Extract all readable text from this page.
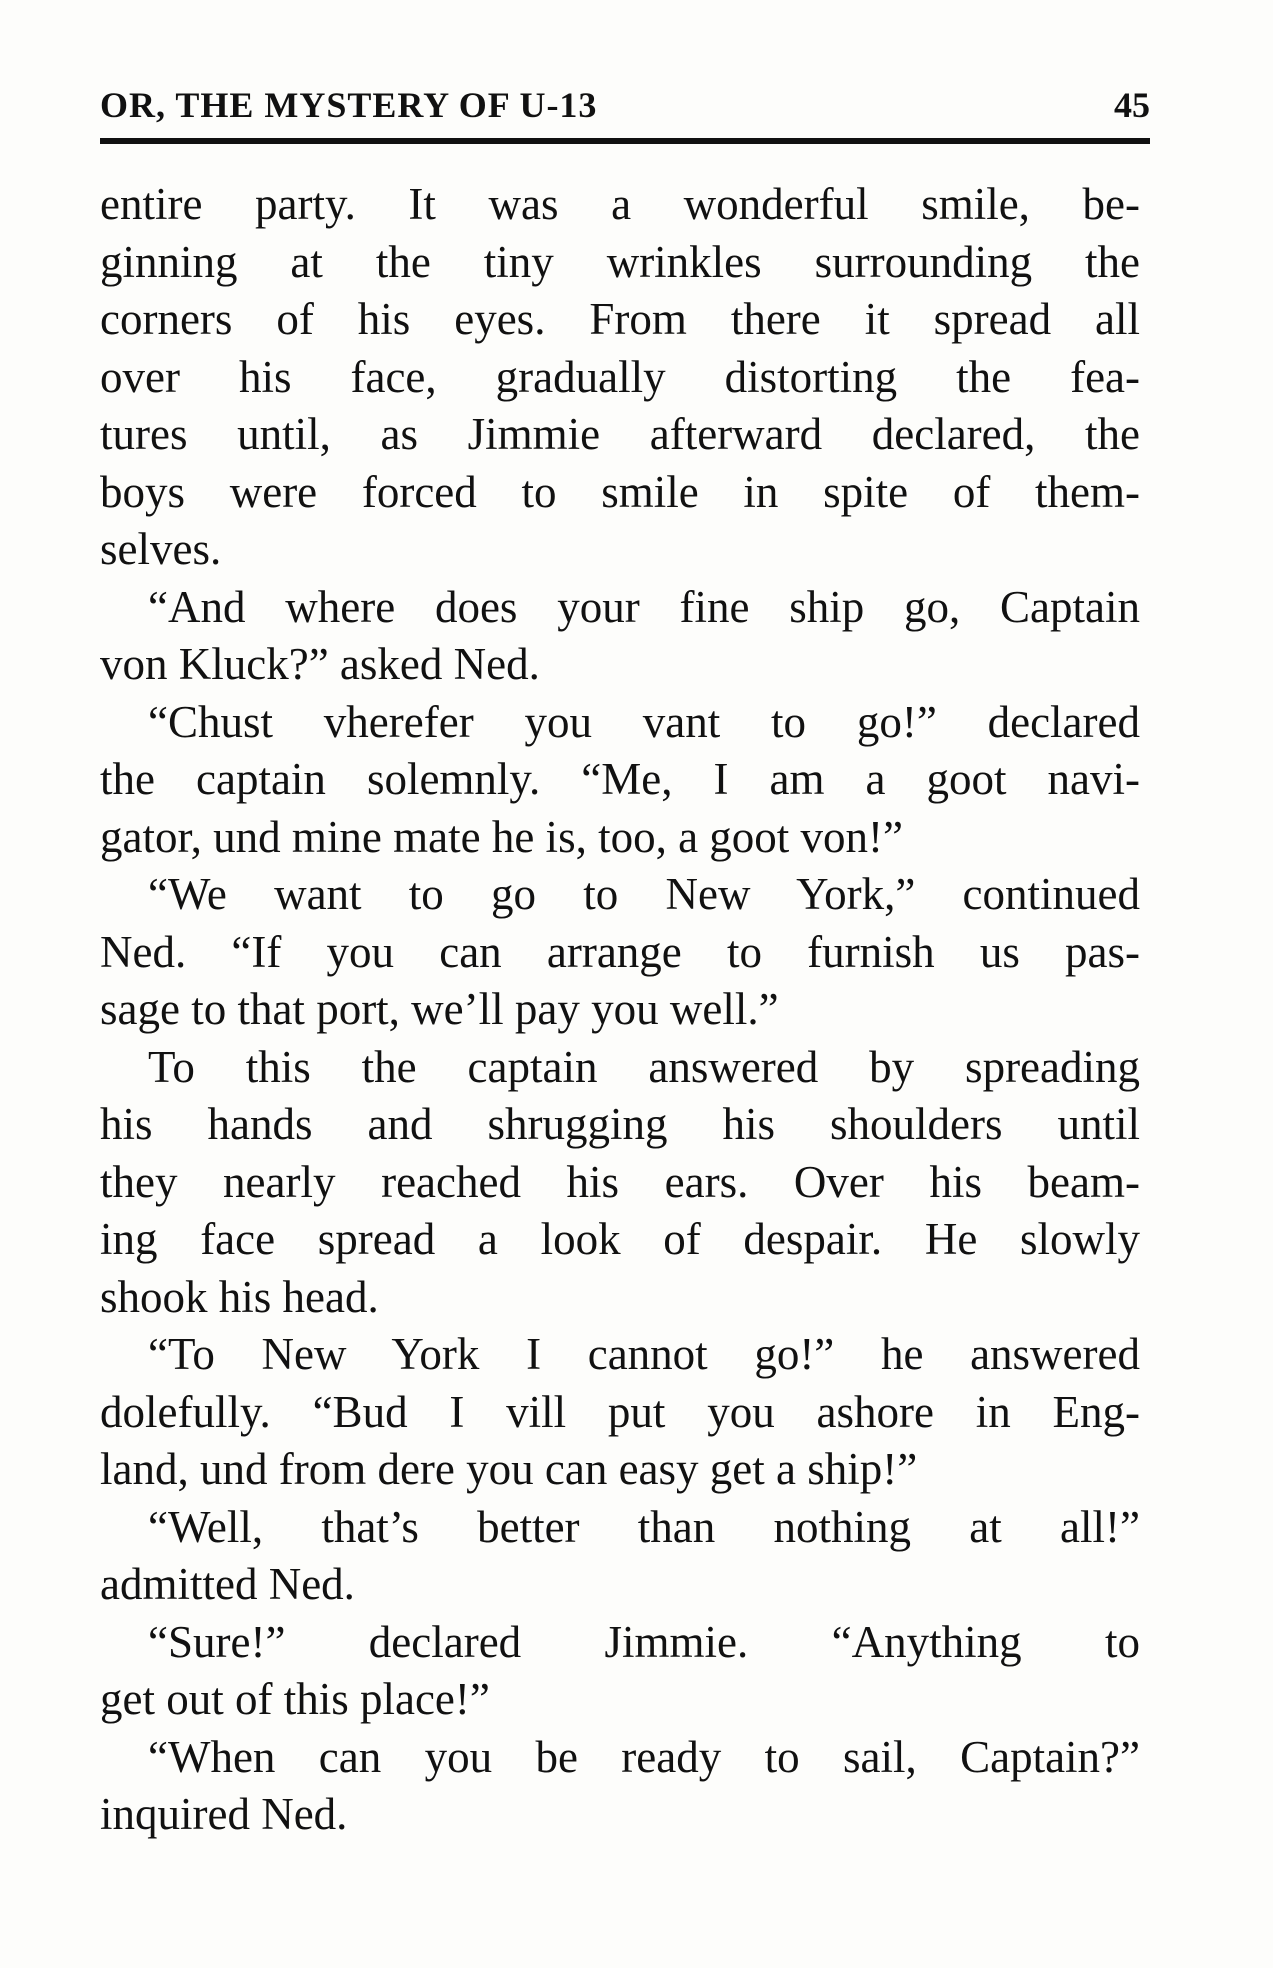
OR, THE MYSTERY OF U-13	45
entire party. It was a wonderful smile, be-
ginning at the tiny wrinkles surrounding the
corners of his eyes. From there it spread all
over his face, gradually distorting the fea-
tures until, as Jimmie afterward declared, the
boys were forced to smile in spite of them-
selves.
“And where does your fine ship go, Captain
von Kluck?” asked Ned.
“Chust vherefer you vant to go!” declared
the captain solemnly. “Me, I am a goot navi-
gator, und mine mate he is, too, a goot von!”
“We want to go to New York,” continued
Ned. “If you can arrange to furnish us pas-
sage to that port, we’ll pay you well.”
To this the captain answered by spreading
his hands and shrugging his shoulders until
they nearly reached his ears. Over his beam-
ing face spread a look of despair. He slowly
shook his head.
“To New York I cannot go!” he answered
dolefully. “Bud I vill put you ashore in Eng-
land, und from dere you can easy get a ship!”
“Well, that’s better than nothing at all!”
admitted Ned.
“Sure!” declared Jimmie. “Anything to
get out of this place!”
“When can you be ready to sail, Captain?”
inquired Ned.
